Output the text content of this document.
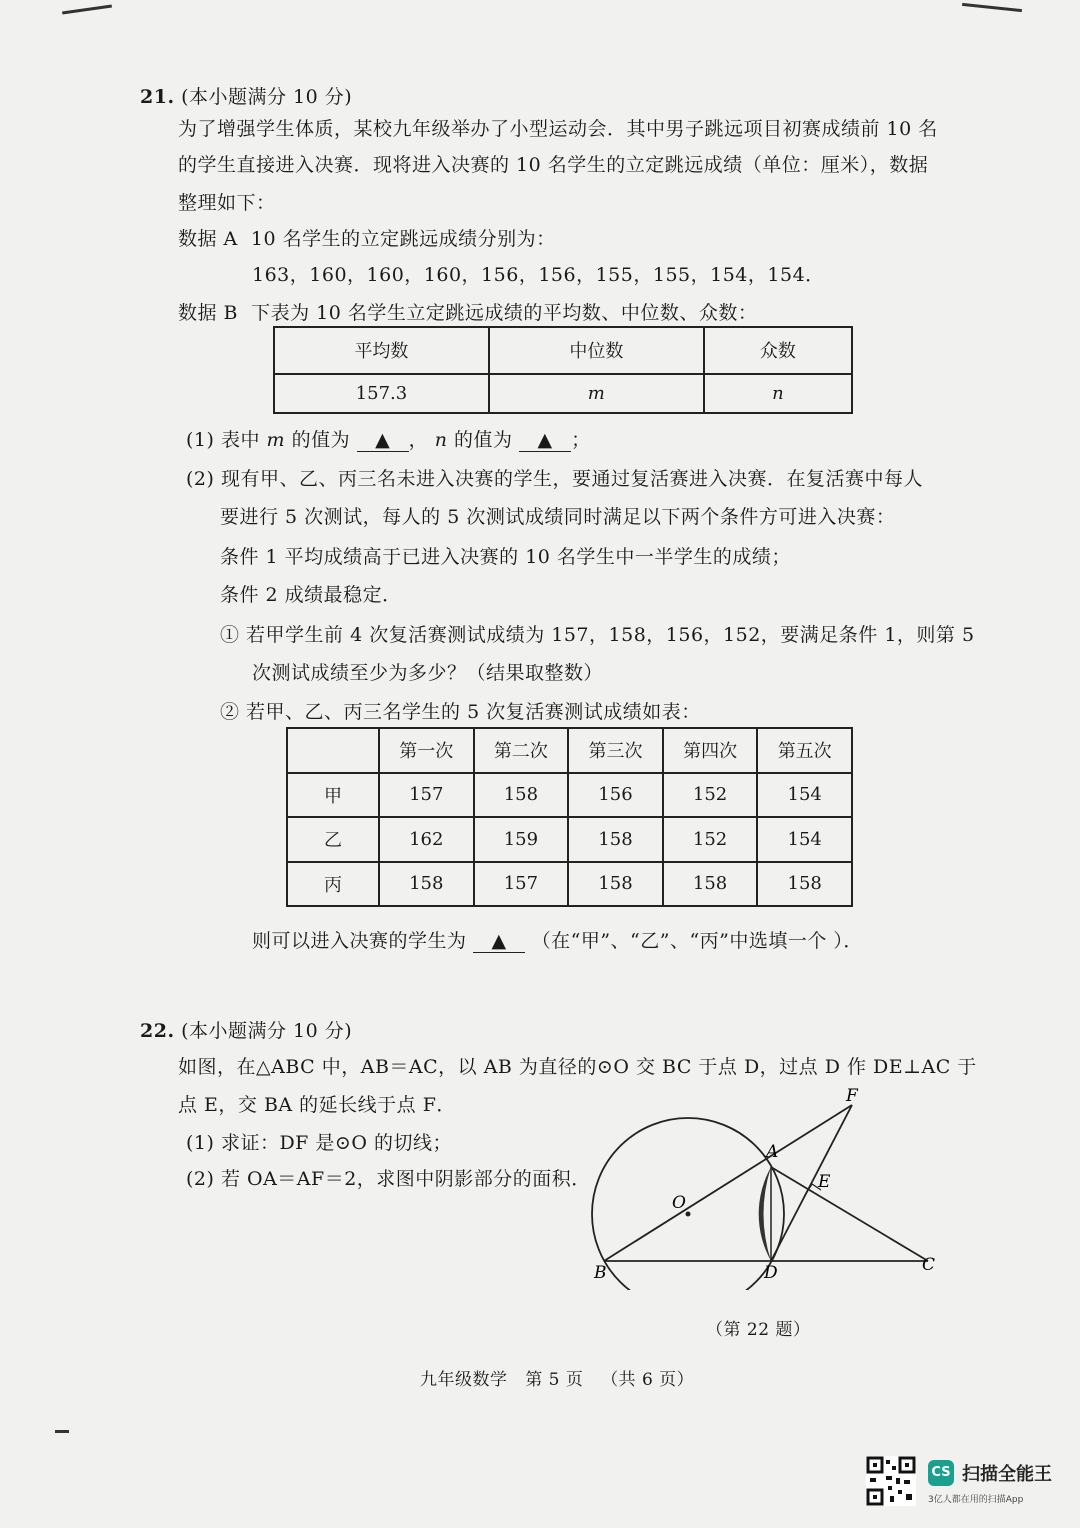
21. (本小题满分 10 分)
为了增强学生体质，某校九年级举办了小型运动会．其中男子跳远项目初赛成绩前 10 名
的学生直接进入决赛．现将进入决赛的 10 名学生的立定跳远成绩（单位：厘米），数据
整理如下：
数据 A 10 名学生的立定跳远成绩分别为：
163，160，160，160，156，156，155，155，154，154．
数据 B 下表为 10 名学生立定跳远成绩的平均数、中位数、众数：
平均数	中位数	众数
157.3	m	n
(1) 表中 m 的值为 ▲ ， n 的值为 ▲ ；
(2) 现有甲、乙、丙三名未进入决赛的学生，要通过复活赛进入决赛．在复活赛中每人
要进行 5 次测试，每人的 5 次测试成绩同时满足以下两个条件方可进入决赛：
条件 1 平均成绩高于已进入决赛的 10 名学生中一半学生的成绩；
条件 2 成绩最稳定．
① 若甲学生前 4 次复活赛测试成绩为 157，158，156，152，要满足条件 1，则第 5
次测试成绩至少为多少？（结果取整数）
② 若甲、乙、丙三名学生的 5 次复活赛测试成绩如表：
	第一次	第二次	第三次	第四次	第五次
甲	157	158	156	152	154
乙	162	159	158	152	154
丙	158	157	158	158	158
则可以进入决赛的学生为 ▲ （在“甲”、“乙”、“丙”中选填一个 ）．
22. (本小题满分 10 分)
如图，在△ABC 中，AB＝AC，以 AB 为直径的⊙O 交 BC 于点 D，过点 D 作 DE⊥AC 于
点 E，交 BA 的延长线于点 F．
(1) 求证：DF 是⊙O 的切线；
(2) 若 OA＝AF＝2，求图中阴影部分的面积．
F
A
E
O
B	D	C
（第 22 题）
九年级数学 第 5 页 （共 6 页）
CS 扫描全能王
3亿人都在用的扫描App
